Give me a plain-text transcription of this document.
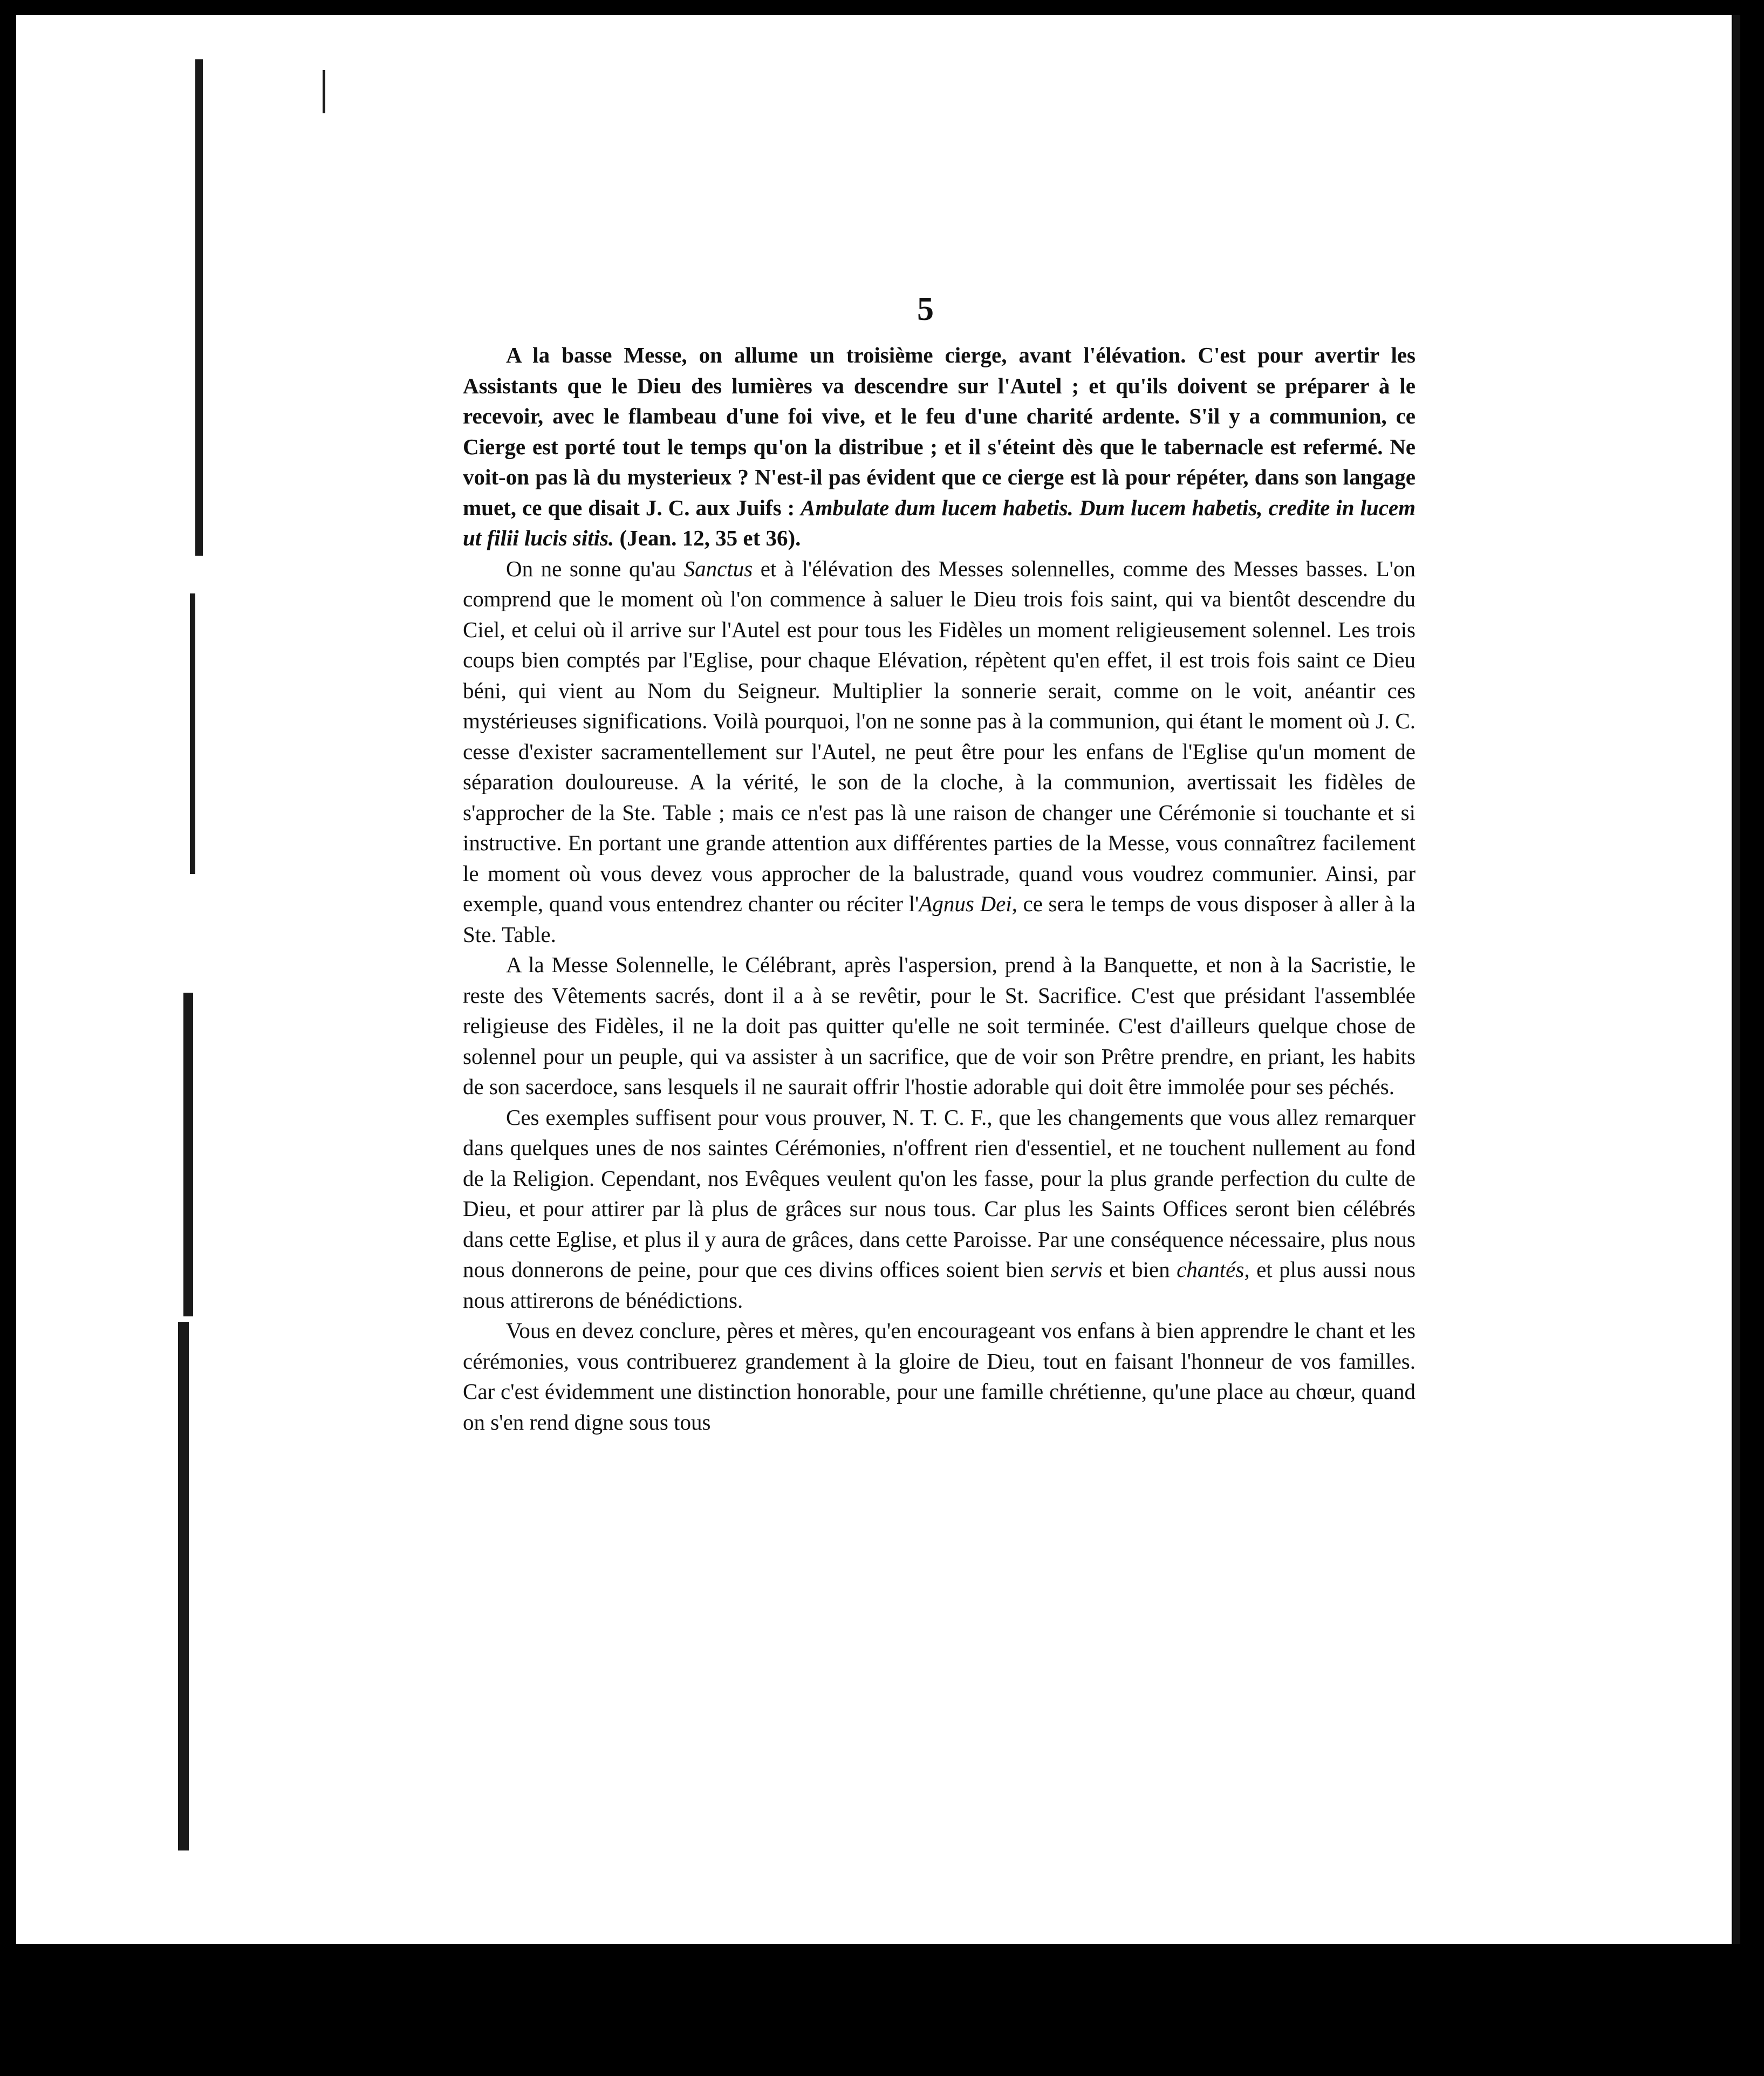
5

A la basse Messe, on allume un troisième cierge, avant l'élévation. C'est pour avertir les Assistants que le Dieu des lumières va descendre sur l'Autel ; et qu'ils doivent se préparer à le recevoir, avec le flambeau d'une foi vive, et le feu d'une charité ardente. S'il y a communion, ce Cierge est porté tout le temps qu'on la distribue ; et il s'éteint dès que le tabernacle est refermé. Ne voit-on pas là du mysterieux ? N'est-il pas évident que ce cierge est là pour répéter, dans son langage muet, ce que disait J. C. aux Juifs : Ambulate dum lucem habetis. Dum lucem habetis, credite in lucem ut filii lucis sitis. (Jean. 12, 35 et 36).

On ne sonne qu'au Sanctus et à l'élévation des Messes solennelles, comme des Messes basses. L'on comprend que le moment où l'on commence à saluer le Dieu trois fois saint, qui va bientôt descendre du Ciel, et celui où il arrive sur l'Autel est pour tous les Fidèles un moment religieusement solennel. Les trois coups bien comptés par l'Eglise, pour chaque Elévation, répètent qu'en effet, il est trois fois saint ce Dieu béni, qui vient au Nom du Seigneur. Multiplier la sonnerie serait, comme on le voit, anéantir ces mystérieuses significations. Voilà pourquoi, l'on ne sonne pas à la communion, qui étant le moment où J. C. cesse d'exister sacramentellement sur l'Autel, ne peut être pour les enfans de l'Eglise qu'un moment de séparation douloureuse. A la vérité, le son de la cloche, à la communion, avertissait les fidèles de s'approcher de la Ste. Table ; mais ce n'est pas là une raison de changer une Cérémonie si touchante et si instructive. En portant une grande attention aux différentes parties de la Messe, vous connaîtrez facilement le moment où vous devez vous approcher de la balustrade, quand vous voudrez communier. Ainsi, par exemple, quand vous entendrez chanter ou réciter l'Agnus Dei, ce sera le temps de vous disposer à aller à la Ste. Table.

A la Messe Solennelle, le Célébrant, après l'aspersion, prend à la Banquette, et non à la Sacristie, le reste des Vêtements sacrés, dont il a à se revêtir, pour le St. Sacrifice. C'est que présidant l'assemblée religieuse des Fidèles, il ne la doit pas quitter qu'elle ne soit terminée. C'est d'ailleurs quelque chose de solennel pour un peuple, qui va assister à un sacrifice, que de voir son Prêtre prendre, en priant, les habits de son sacerdoce, sans lesquels il ne saurait offrir l'hostie adorable qui doit être immolée pour ses péchés.

Ces exemples suffisent pour vous prouver, N. T. C. F., que les changements que vous allez remarquer dans quelques unes de nos saintes Cérémonies, n'offrent rien d'essentiel, et ne touchent nullement au fond de la Religion. Cependant, nos Evêques veulent qu'on les fasse, pour la plus grande perfection du culte de Dieu, et pour attirer par là plus de grâces sur nous tous. Car plus les Saints Offices seront bien célébrés dans cette Eglise, et plus il y aura de grâces, dans cette Paroisse. Par une conséquence nécessaire, plus nous nous donnerons de peine, pour que ces divins offices soient bien servis et bien chantés, et plus aussi nous nous attirerons de bénédictions.

Vous en devez conclure, pères et mères, qu'en encourageant vos enfans à bien apprendre le chant et les cérémonies, vous contribuerez grandement à la gloire de Dieu, tout en faisant l'honneur de vos familles. Car c'est évidemment une distinction honorable, pour une famille chrétienne, qu'une place au chœur, quand on s'en rend digne sous tous
